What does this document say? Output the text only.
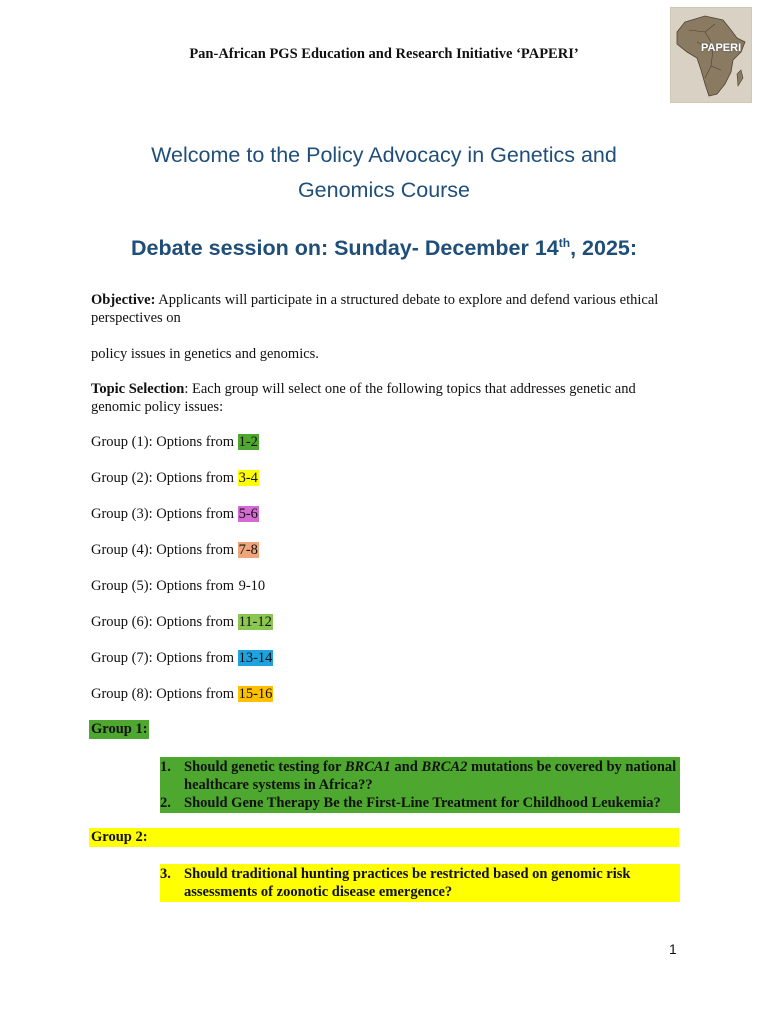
Pan-African PGS Education and Research Initiative ‘PAPERI’	PAPERI
Welcome to the Policy Advocacy in Genetics and
Genomics Course
Debate session on: Sunday- December 14th, 2025:
Objective: Applicants will participate in a structured debate to explore and defend various ethical perspectives on
policy issues in genetics and genomics.
Topic Selection: Each group will select one of the following topics that addresses genetic and genomic policy issues:
Group (1): Options from 1-2
Group (2): Options from 3-4
Group (3): Options from 5-6
Group (4): Options from 7-8
Group (5): Options from 9-10
Group (6): Options from 11-12
Group (7): Options from 13-14
Group (8): Options from 15-16
Group 1:
1. Should genetic testing for BRCA1 and BRCA2 mutations be covered by national healthcare systems in Africa??
2. Should Gene Therapy Be the First-Line Treatment for Childhood Leukemia?
Group 2:
3. Should traditional hunting practices be restricted based on genomic risk assessments of zoonotic disease emergence?
1
